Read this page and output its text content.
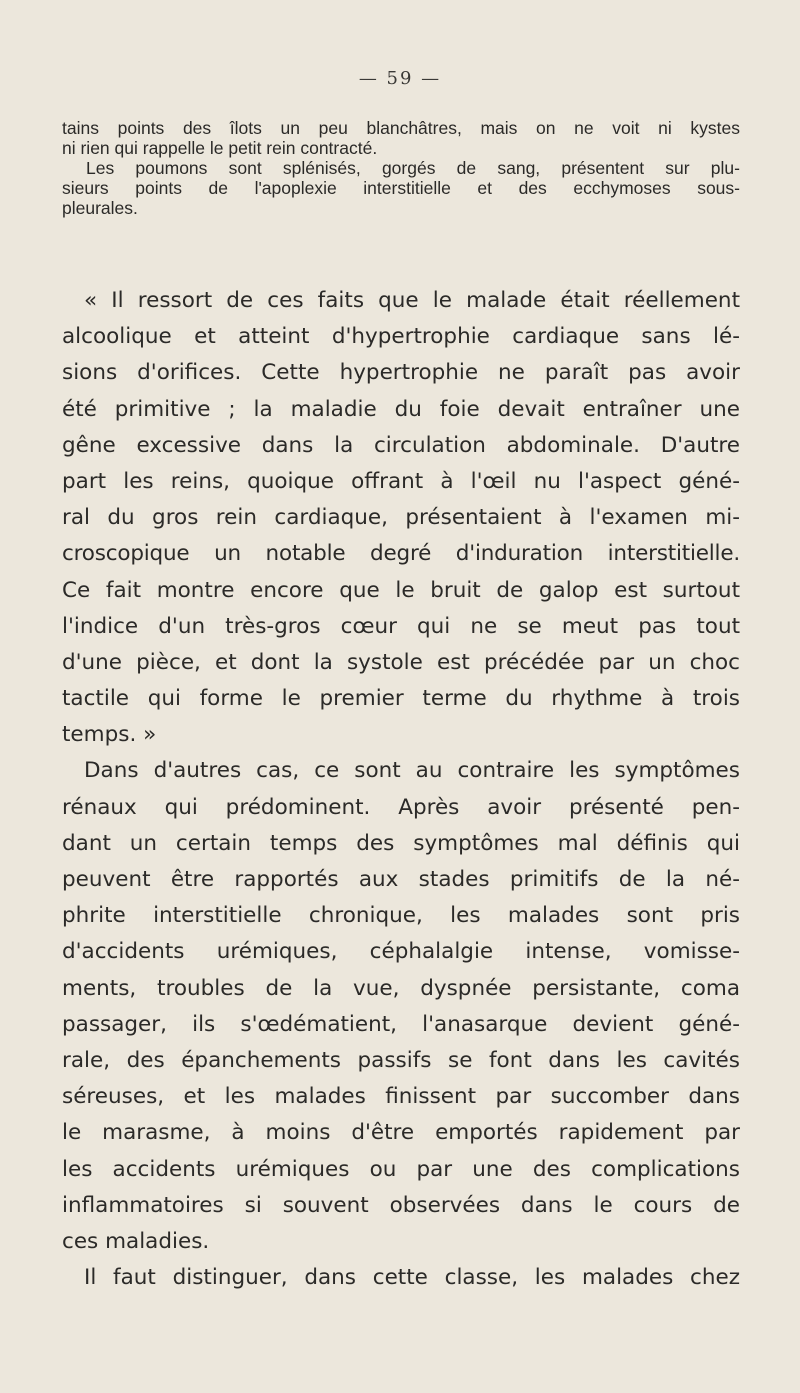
— 59 —
tains points des îlots un peu blanchâtres, mais on ne voit ni kystes
ni rien qui rappelle le petit rein contracté.
Les poumons sont splénisés, gorgés de sang, présentent sur plu-
sieurs points de l'apoplexie interstitielle et des ecchymoses sous-
pleurales.
« Il ressort de ces faits que le malade était réellement
alcoolique et atteint d'hypertrophie cardiaque sans lé-
sions d'orifices. Cette hypertrophie ne paraît pas avoir
été primitive ; la maladie du foie devait entraîner une
gêne excessive dans la circulation abdominale. D'autre
part les reins, quoique offrant à l'œil nu l'aspect géné-
ral du gros rein cardiaque, présentaient à l'examen mi-
croscopique un notable degré d'induration interstitielle.
Ce fait montre encore que le bruit de galop est surtout
l'indice d'un très-gros cœur qui ne se meut pas tout
d'une pièce, et dont la systole est précédée par un choc
tactile qui forme le premier terme du rhythme à trois
temps. »
Dans d'autres cas, ce sont au contraire les symptômes
rénaux qui prédominent. Après avoir présenté pen-
dant un certain temps des symptômes mal définis qui
peuvent être rapportés aux stades primitifs de la né-
phrite interstitielle chronique, les malades sont pris
d'accidents urémiques, céphalalgie intense, vomisse-
ments, troubles de la vue, dyspnée persistante, coma
passager, ils s'œdématient, l'anasarque devient géné-
rale, des épanchements passifs se font dans les cavités
séreuses, et les malades finissent par succomber dans
le marasme, à moins d'être emportés rapidement par
les accidents urémiques ou par une des complications
inflammatoires si souvent observées dans le cours de
ces maladies.
Il faut distinguer, dans cette classe, les malades chez
